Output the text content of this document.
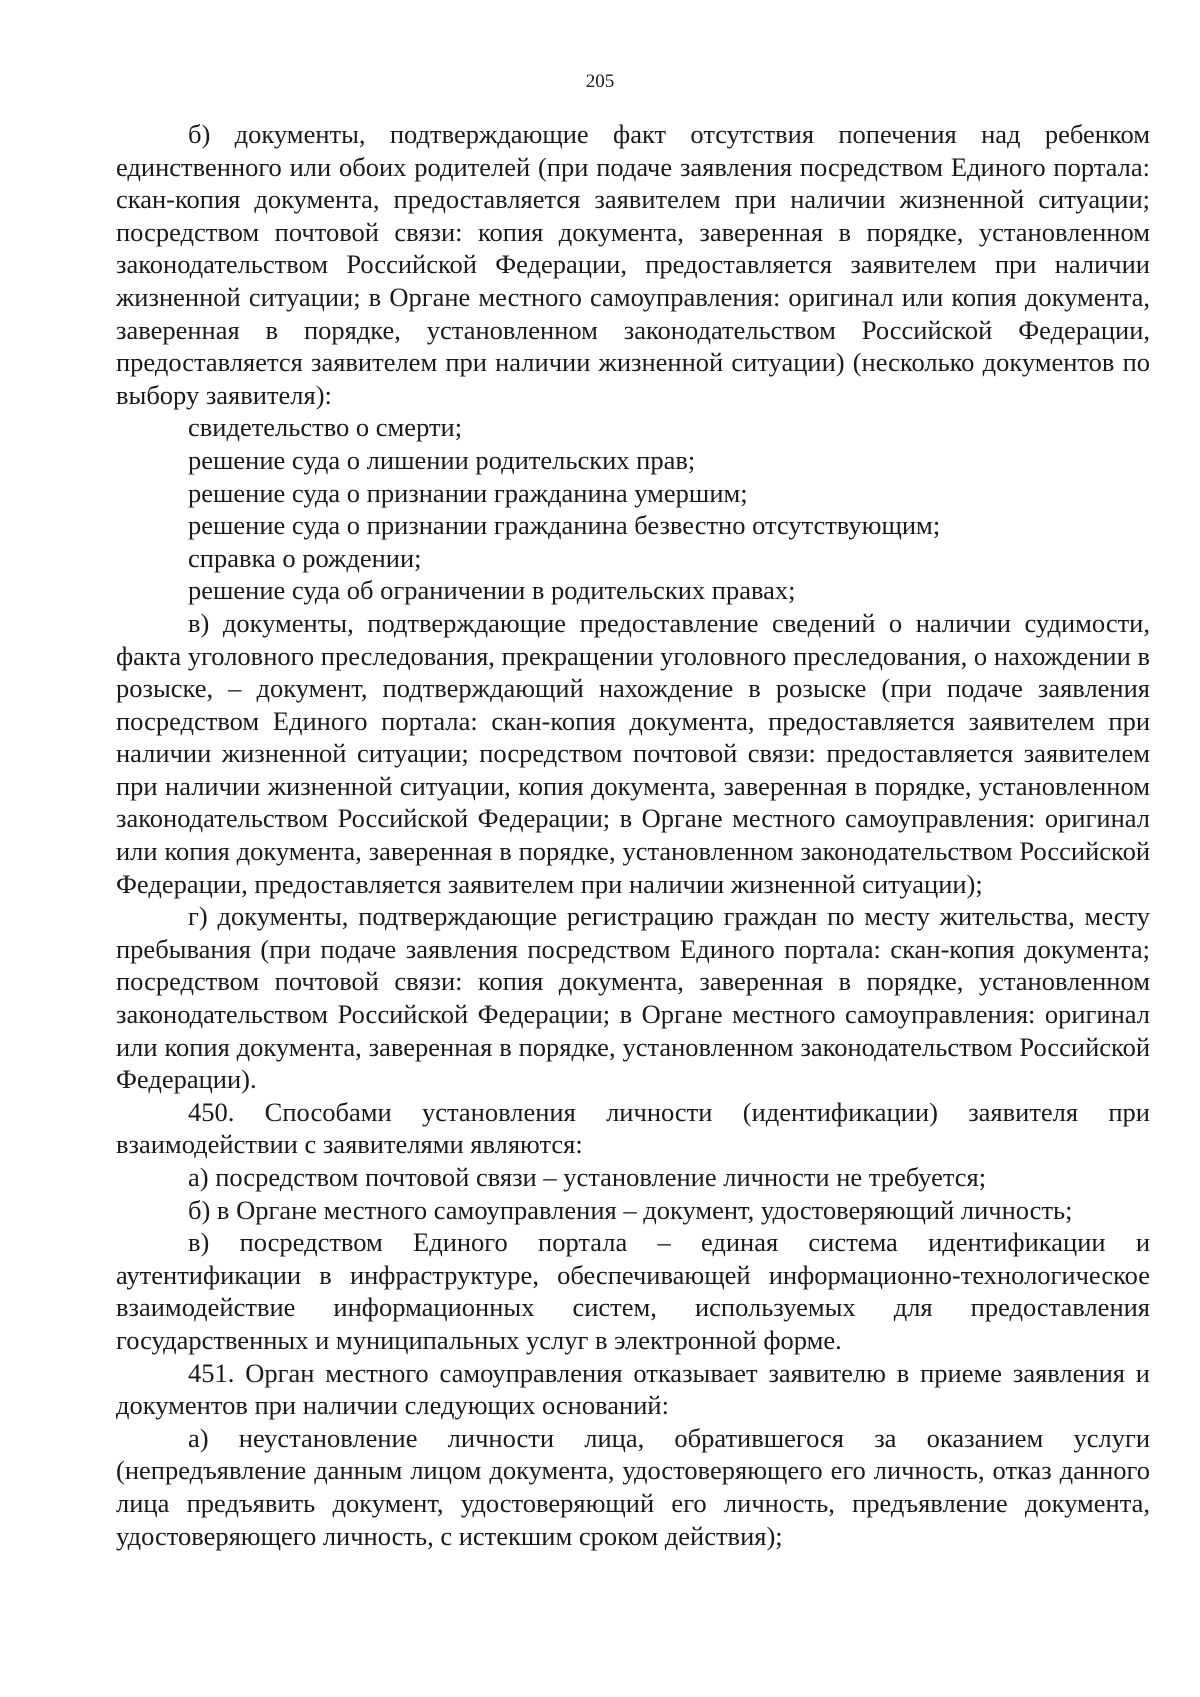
205

б) документы, подтверждающие факт отсутствия попечения над ребенком единственного или обоих родителей (при подаче заявления посредством Единого портала: скан-копия документа, предоставляется заявителем при наличии жизненной ситуации; посредством почтовой связи: копия документа, заверенная в порядке, установленном законодательством Российской Федерации, предоставляется заявителем при наличии жизненной ситуации; в Органе местного самоуправления: оригинал или копия документа, заверенная в порядке, установленном законодательством Российской Федерации, предоставляется заявителем при наличии жизненной ситуации) (несколько документов по выбору заявителя):

свидетельство о смерти;

решение суда о лишении родительских прав;

решение суда о признании гражданина умершим;

решение суда о признании гражданина безвестно отсутствующим;

справка о рождении;

решение суда об ограничении в родительских правах;

в) документы, подтверждающие предоставление сведений о наличии судимости, факта уголовного преследования, прекращении уголовного преследования, о нахождении в розыске, – документ, подтверждающий нахождение в розыске (при подаче заявления посредством Единого портала: скан-копия документа, предоставляется заявителем при наличии жизненной ситуации; посредством почтовой связи: предоставляется заявителем при наличии жизненной ситуации, копия документа, заверенная в порядке, установленном законодательством Российской Федерации; в Органе местного самоуправления: оригинал или копия документа, заверенная в порядке, установленном законодательством Российской Федерации, предоставляется заявителем при наличии жизненной ситуации);

г) документы, подтверждающие регистрацию граждан по месту жительства, месту пребывания (при подаче заявления посредством Единого портала: скан-копия документа; посредством почтовой связи: копия документа, заверенная в порядке, установленном законодательством Российской Федерации; в Органе местного самоуправления: оригинал или копия документа, заверенная в порядке, установленном законодательством Российской Федерации).

450. Способами установления личности (идентификации) заявителя при взаимодействии с заявителями являются:

а) посредством почтовой связи – установление личности не требуется;

б) в Органе местного самоуправления – документ, удостоверяющий личность;

в) посредством Единого портала – единая система идентификации и аутентификации в инфраструктуре, обеспечивающей информационно-технологическое взаимодействие информационных систем, используемых для предоставления государственных и муниципальных услуг в электронной форме.

451. Орган местного самоуправления отказывает заявителю в приеме заявления и документов при наличии следующих оснований:

а) неустановление личности лица, обратившегося за оказанием услуги (непредъявление данным лицом документа, удостоверяющего его личность, отказ данного лица предъявить документ, удостоверяющий его личность, предъявление документа, удостоверяющего личность, с истекшим сроком действия);
